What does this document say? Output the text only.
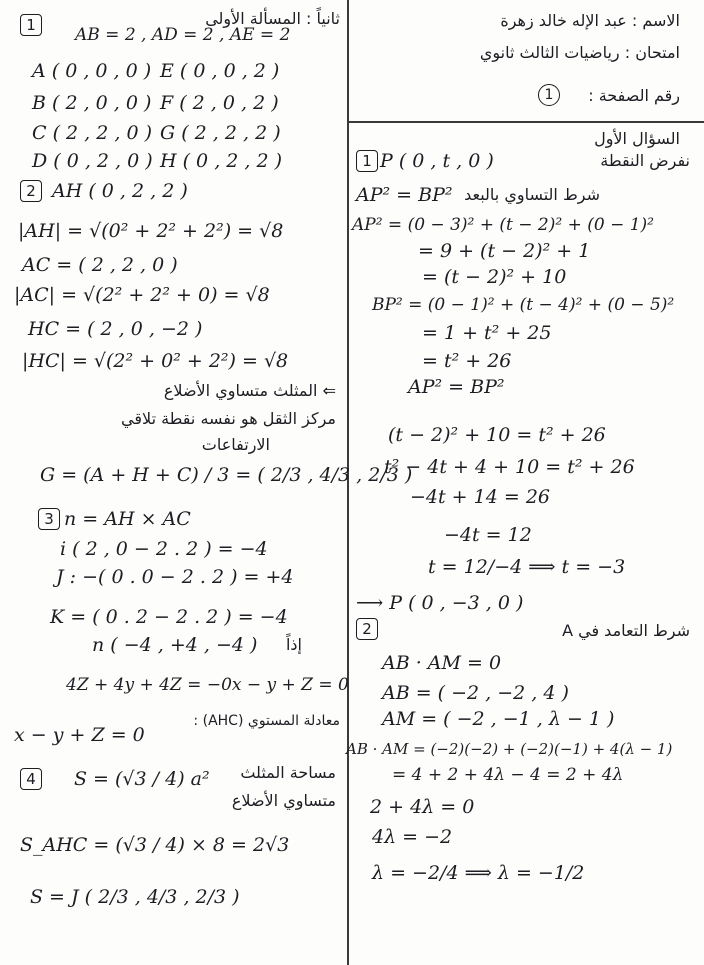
الاسم : عبد الإله خالد زهرة
امتحان : رياضيات الثالث ثانوي
رقم الصفحة :
1
السؤال الأول
1	AB = 2 , AD = 2 , AE = 2
ثانياً : المسألة الأولى
A ( 0 , 0 , 0 ) E ( 0 , 0 , 2 )
B ( 2 , 0 , 0 ) F ( 2 , 0 , 2 )
C ( 2 , 2 , 0 ) G ( 2 , 2 , 2 )
D ( 0 , 2 , 0 ) H ( 0 , 2 , 2 )
2 AH ( 0 , 2 , 2 )
|AH| = √(0² + 2² + 2²) = √8
AC = ( 2 , 2 , 0 )
|AC| = √(2² + 2² + 0) = √8
HC = ( 2 , 0 , −2 )
|HC| = √(2² + 0² + 2²) = √8
⇐ المثلث متساوي الأضلاع
مركز الثقل هو نفسه نقطة تلاقي
الارتفاعات
G = (A + H + C) / 3 = ( 2/3 , 4/3 , 2/3 )
3 n = AH × AC
i ( 2 , 0 − 2 . 2 ) = −4
J : −( 0 . 0 − 2 . 2 ) = +4
K = ( 0 . 2 − 2 . 2 ) = −4
n ( −4 , +4 , −4 )	إذاً
4Z + 4y + 4Z = −0x − y + Z = 0
معادلة المستوي (AHC) :
x − y + Z = 0
4	S = (√3 / 4) a²	مساحة المثلث
متساوي الأضلاع
S_AHC = (√3 / 4) × 8 = 2√3
S = J ( 2/3 , 4/3 , 2/3 )
1 P ( 0 , t , 0 )	نفرض النقطة
AP² = BP² شرط التساوي بالبعد
AP² = (0 − 3)² + (t − 2)² + (0 − 1)²
= 9 + (t − 2)² + 1
= (t − 2)² + 10
BP² = (0 − 1)² + (t − 4)² + (0 − 5)²
= 1 + t² + 25
= t² + 26
AP² = BP²
(t − 2)² + 10 = t² + 26
t² − 4t + 4 + 10 = t² + 26
−4t + 14 = 26
−4t = 12
t = 12/−4 ⟹ t = −3
⟶ P ( 0 , −3 , 0 )
2	شرط التعامد في A
AB · AM = 0
AB = ( −2 , −2 , 4 )
AM = ( −2 , −1 , λ − 1 )
AB · AM = (−2)(−2) + (−2)(−1) + 4(λ − 1)
= 4 + 2 + 4λ − 4 = 2 + 4λ
2 + 4λ = 0
4λ = −2
λ = −2/4 ⟹ λ = −1/2
